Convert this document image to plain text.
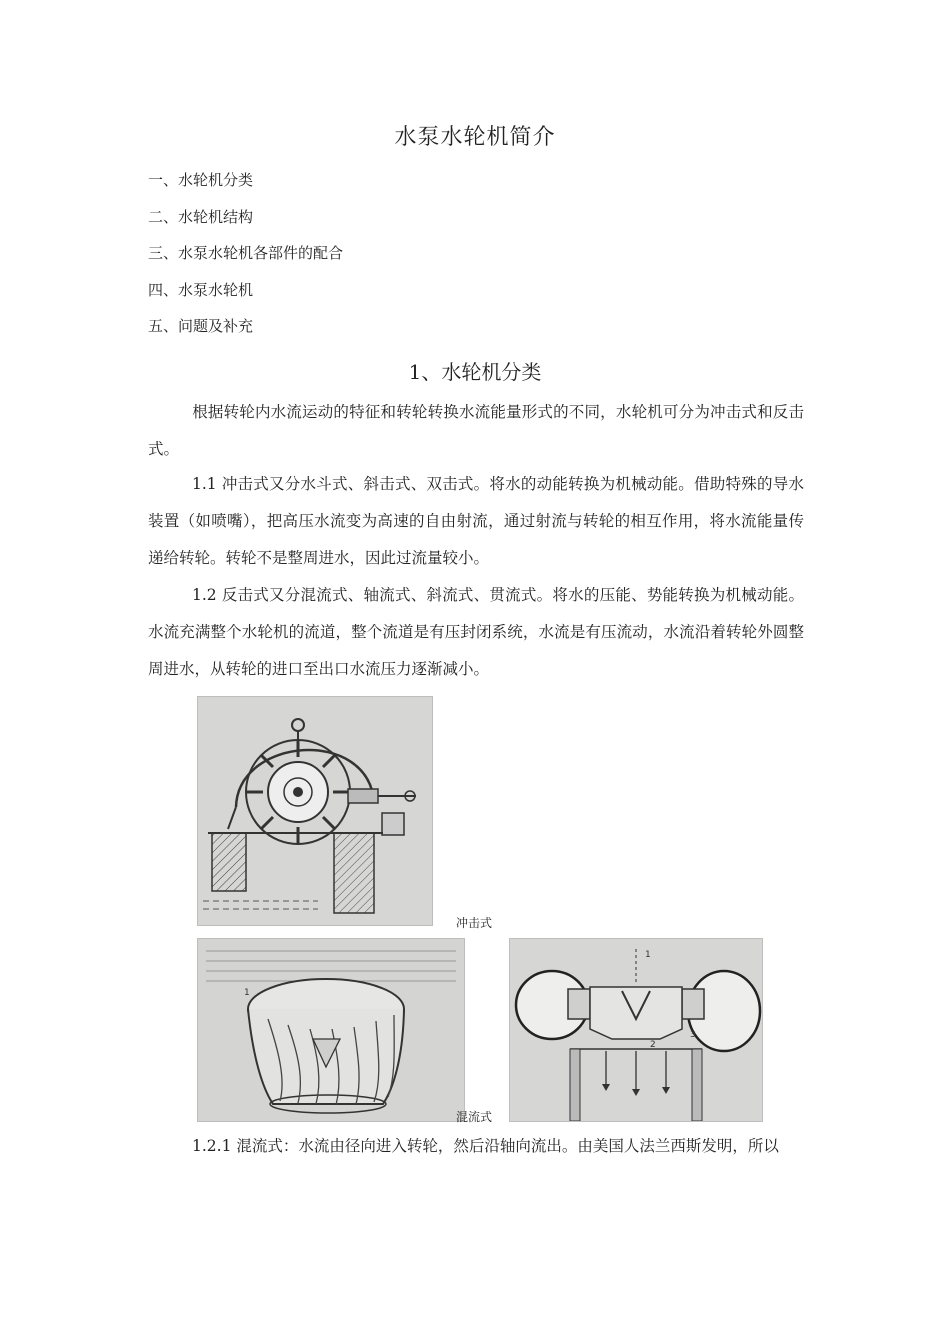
水泵水轮机简介
一、水轮机分类
二、水轮机结构
三、水泵水轮机各部件的配合
四、水泵水轮机
五、问题及补充
1、水轮机分类

根据转轮内水流运动的特征和转轮转换水流能量形式的不同，水轮机可分为冲击式和反击式。

1.1 冲击式又分水斗式、斜击式、双击式。将水的动能转换为机械动能。借助特殊的导水装置（如喷嘴），把高压水流变为高速的自由射流，通过射流与转轮的相互作用，将水流能量传递给转轮。转轮不是整周进水，因此过流量较小。

1.2 反击式又分混流式、轴流式、斜流式、贯流式。将水的压能、势能转换为机械动能。水流充满整个水轮机的流道，整个流道是有压封闭系统，水流是有压流动，水流沿着转轮外圆整周进水，从转轮的进口至出口水流压力逐渐减小。

冲击式
1
1
2
3
混流式

1.2.1 混流式：水流由径向进入转轮，然后沿轴向流出。由美国人法兰西斯发明，所以
